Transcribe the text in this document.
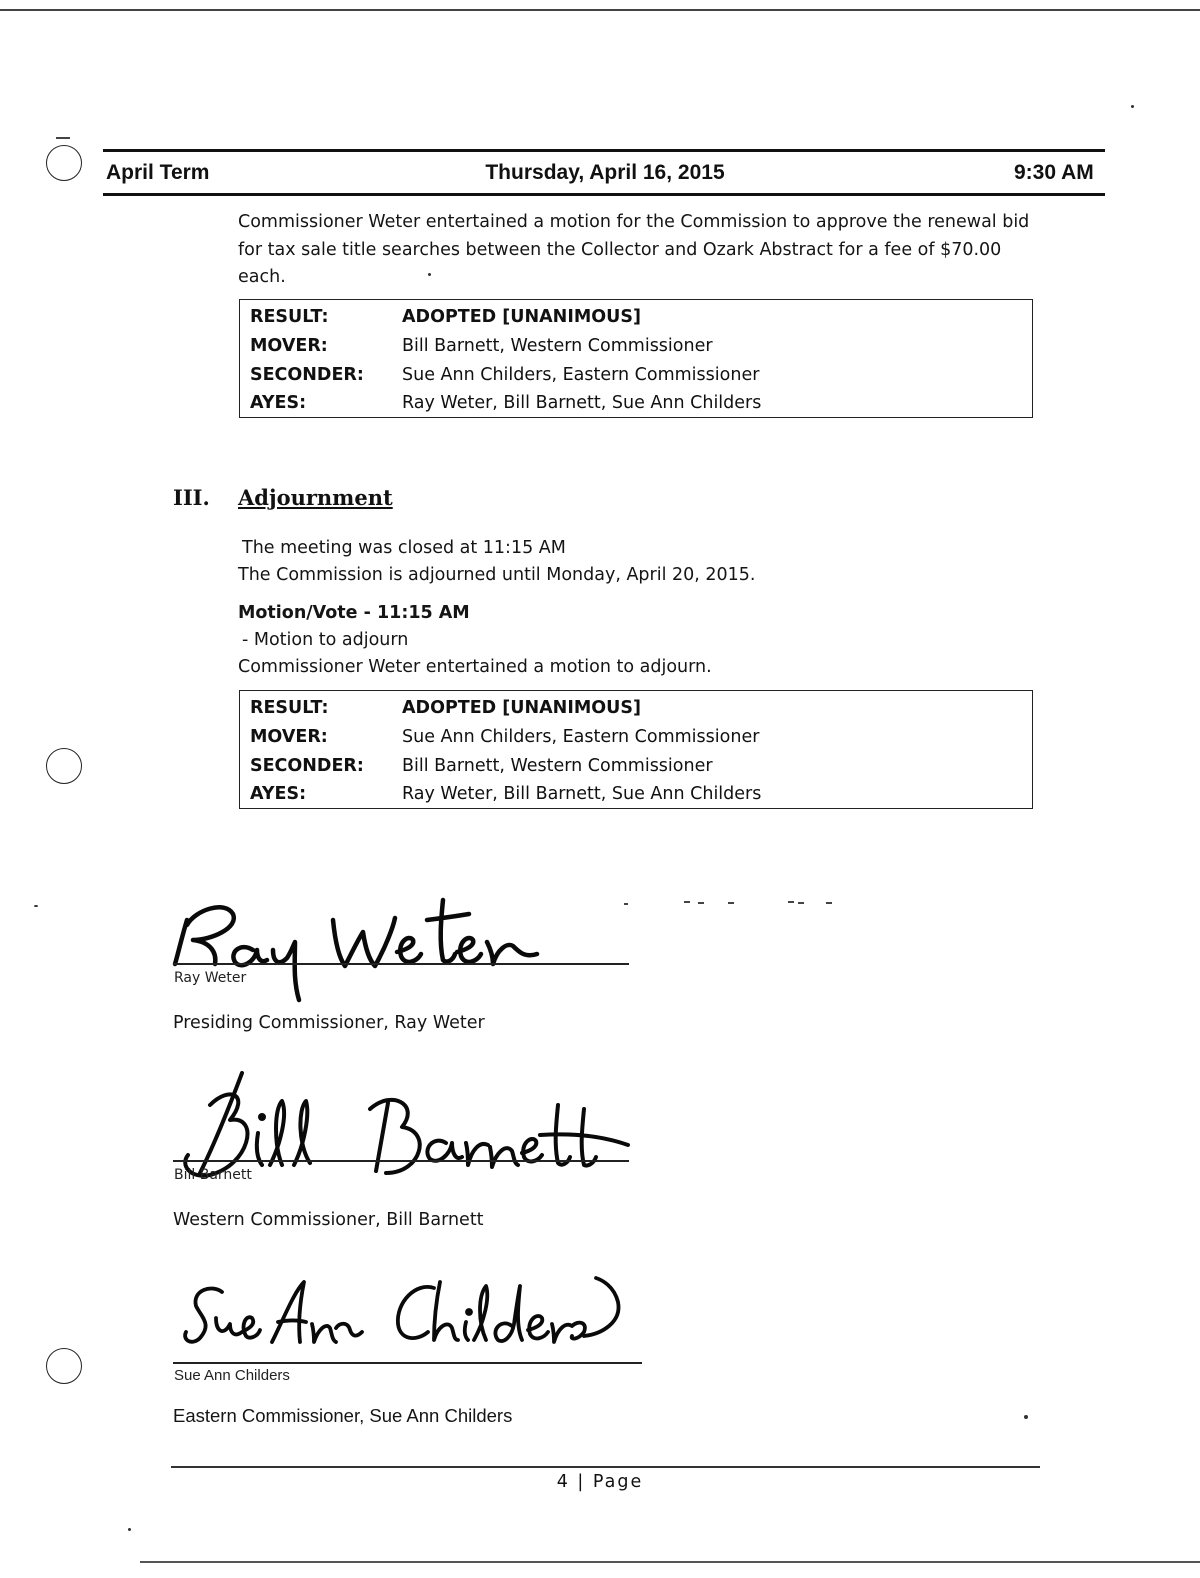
April Term	Thursday, April 16, 2015	9:30 AM
Commissioner Weter entertained a motion for the Commission to approve the renewal bid for tax sale title searches between the Collector and Ozark Abstract for a fee of $70.00 each.
RESULT:	ADOPTED [UNANIMOUS]
MOVER:	Bill Barnett, Western Commissioner
SECONDER: Sue Ann Childers, Eastern Commissioner
AYES:	Ray Weter, Bill Barnett, Sue Ann Childers
III. Adjournment
The meeting was closed at 11:15 AM
The Commission is adjourned until Monday, April 20, 2015.
Motion/Vote - 11:15 AM
- Motion to adjourn
Commissioner Weter entertained a motion to adjourn.
RESULT:	ADOPTED [UNANIMOUS]
MOVER:	Sue Ann Childers, Eastern Commissioner
SECONDER: Bill Barnett, Western Commissioner
AYES:	Ray Weter, Bill Barnett, Sue Ann Childers
Ray Weter
Presiding Commissioner, Ray Weter
Bill Barnett
Western Commissioner, Bill Barnett
Sue Ann Childers
Eastern Commissioner, Sue Ann Childers
4 | Page
